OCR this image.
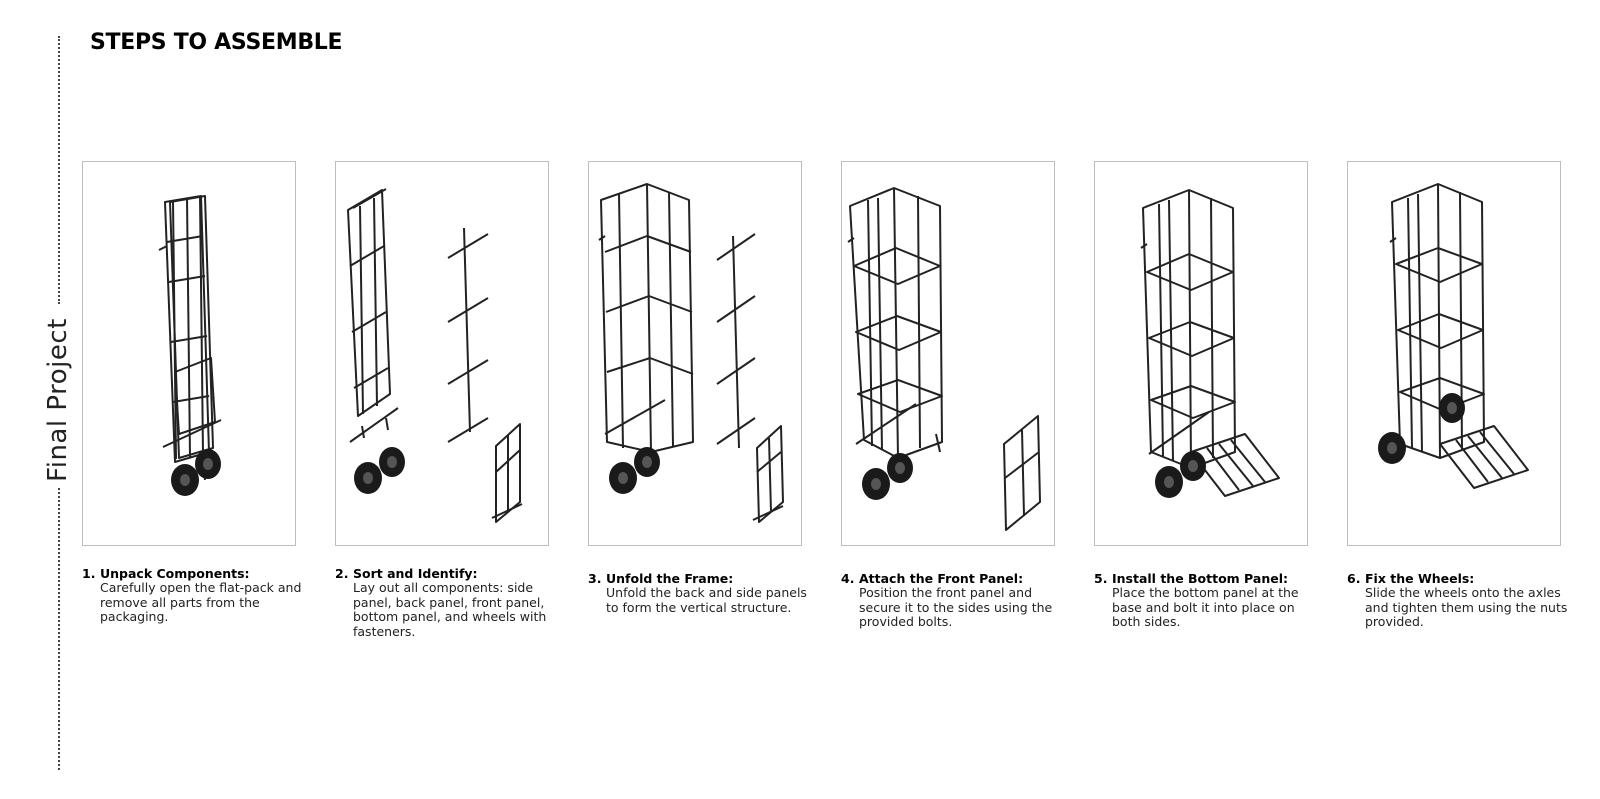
Final Project
STEPS TO ASSEMBLE
1. Unpack Components:
Carefully open the flat-pack and remove all parts from the packaging.
2. Sort and Identify:
Lay out all components: side panel, back panel, front panel, bottom panel, and wheels with fasteners.
3. Unfold the Frame:
Unfold the back and side panels to form the vertical structure.
4. Attach the Front Panel:
Position the front panel and secure it to the sides using the provided bolts.
5. Install the Bottom Panel:
Place the bottom panel at the base and bolt it into place on both sides.
6. Fix the Wheels:
Slide the wheels onto the axles and tighten them using the nuts provided.
